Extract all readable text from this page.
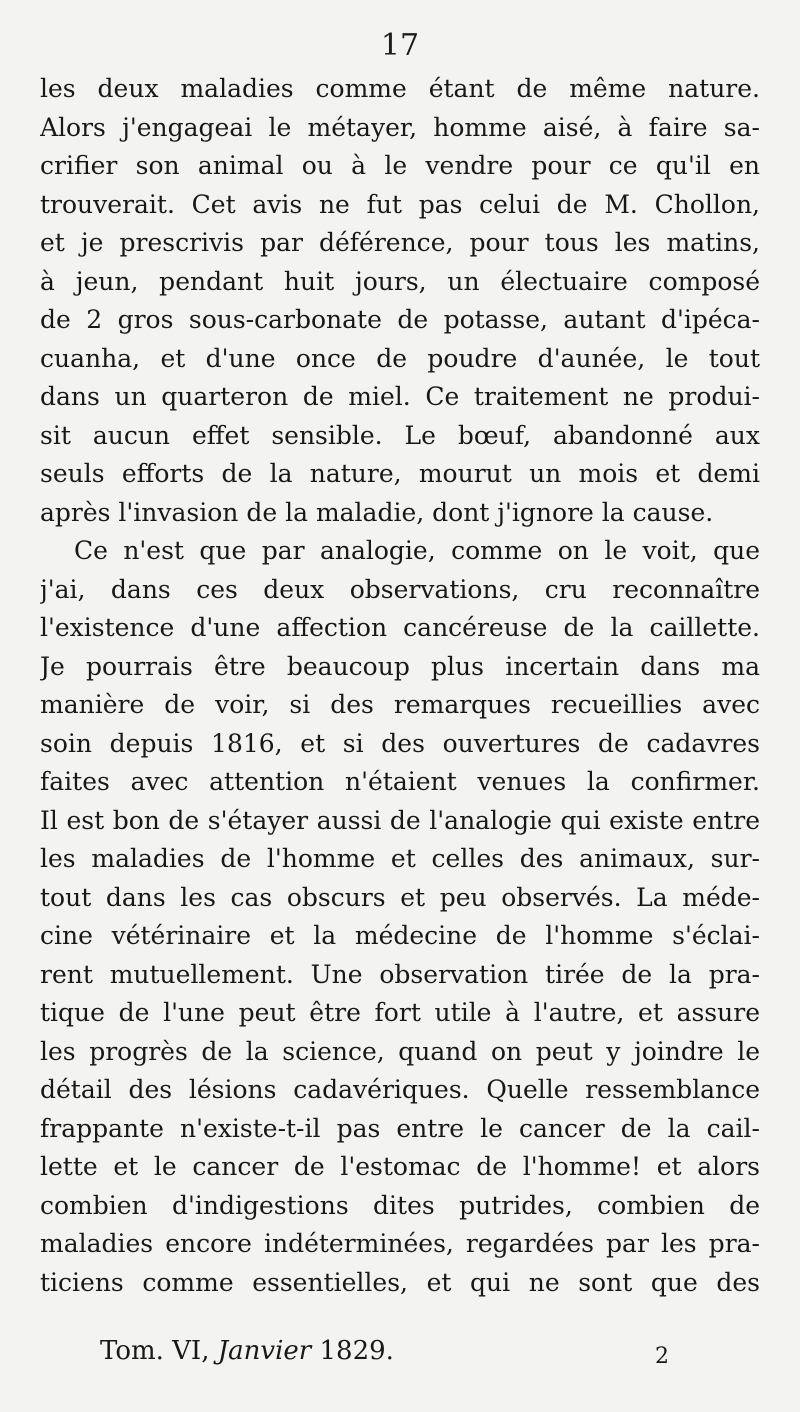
17
les deux maladies comme étant de même nature.
Alors j'engageai le métayer, homme aisé, à faire sa-
crifier son animal ou à le vendre pour ce qu'il en
trouverait. Cet avis ne fut pas celui de M. Chollon,
et je prescrivis par déférence, pour tous les matins,
à jeun, pendant huit jours, un électuaire composé
de 2 gros sous-carbonate de potasse, autant d'ipéca-
cuanha, et d'une once de poudre d'aunée, le tout
dans un quarteron de miel. Ce traitement ne produi-
sit aucun effet sensible. Le bœuf, abandonné aux
seuls efforts de la nature, mourut un mois et demi
après l'invasion de la maladie, dont j'ignore la cause.
Ce n'est que par analogie, comme on le voit, que
j'ai, dans ces deux observations, cru reconnaître
l'existence d'une affection cancéreuse de la caillette.
Je pourrais être beaucoup plus incertain dans ma
manière de voir, si des remarques recueillies avec
soin depuis 1816, et si des ouvertures de cadavres
faites avec attention n'étaient venues la confirmer.
Il est bon de s'étayer aussi de l'analogie qui existe entre
les maladies de l'homme et celles des animaux, sur-
tout dans les cas obscurs et peu observés. La méde-
cine vétérinaire et la médecine de l'homme s'éclai-
rent mutuellement. Une observation tirée de la pra-
tique de l'une peut être fort utile à l'autre, et assure
les progrès de la science, quand on peut y joindre le
détail des lésions cadavériques. Quelle ressemblance
frappante n'existe-t-il pas entre le cancer de la cail-
lette et le cancer de l'estomac de l'homme! et alors
combien d'indigestions dites putrides, combien de
maladies encore indéterminées, regardées par les pra-
ticiens comme essentielles, et qui ne sont que des
Tom. VI, Janvier 1829.	2
